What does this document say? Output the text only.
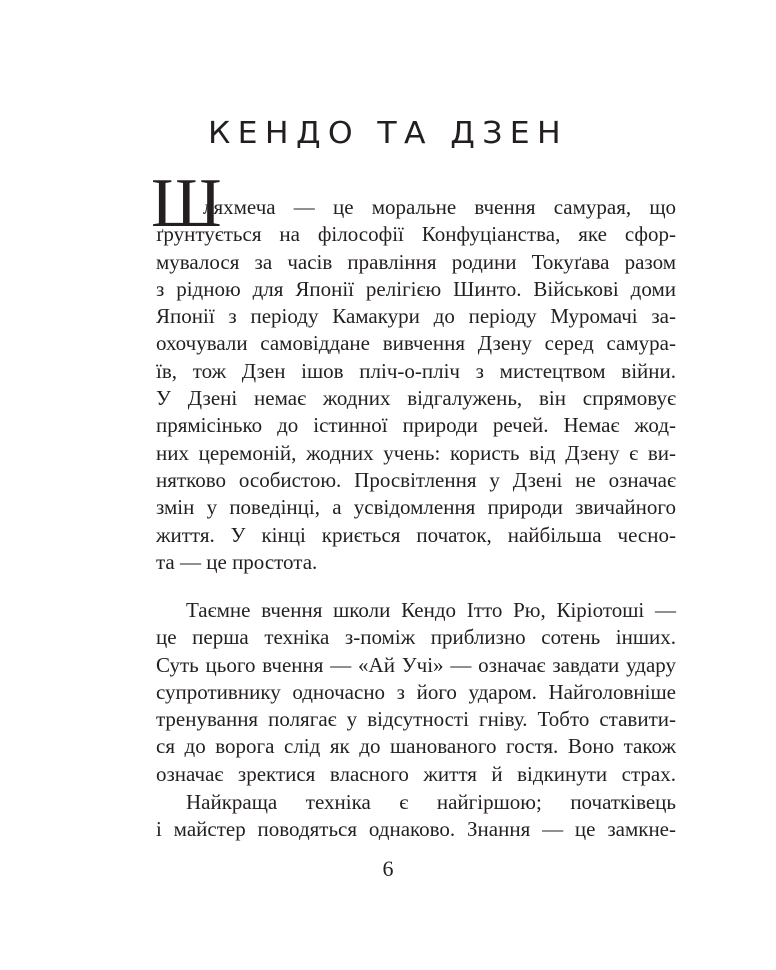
КЕНДО ТА ДЗЕН
Ш
ляхмеча — це моральне вчення самурая, що
ґрунтується на філософії Конфуціанства, яке сфор-
мувалося за часів правління родини Токуґава разом
з рідною для Японії релігією Шинто. Військові доми
Японії з періоду Камакури до періоду Муромачі за-
охочували самовіддане вивчення Дзену серед самура-
їв, тож Дзен ішов пліч-о-пліч з мистецтвом війни.
У Дзені немає жодних відгалужень, він спрямовує
прямісінько до істинної природи речей. Немає жод-
них церемоній, жодних учень: користь від Дзену є ви-
нятково особистою. Просвітлення у Дзені не означає
змін у поведінці, а усвідомлення природи звичайного
життя. У кінці криється початок, найбільша чесно-
та — це простота.
Таємне вчення школи Кендо Ітто Рю, Кіріотоші —
це перша техніка з-поміж приблизно сотень інших.
Суть цього вчення — «Ай Учі» — означає завдати удару
супротивнику одночасно з його ударом. Найголовніше
тренування полягає у відсутності гніву. Тобто ставити-
ся до ворога слід як до шанованого гостя. Воно також
означає зректися власного життя й відкинути страх.
Найкраща техніка є найгіршою; початківець
і майстер поводяться однаково. Знання — це замкне-
6
